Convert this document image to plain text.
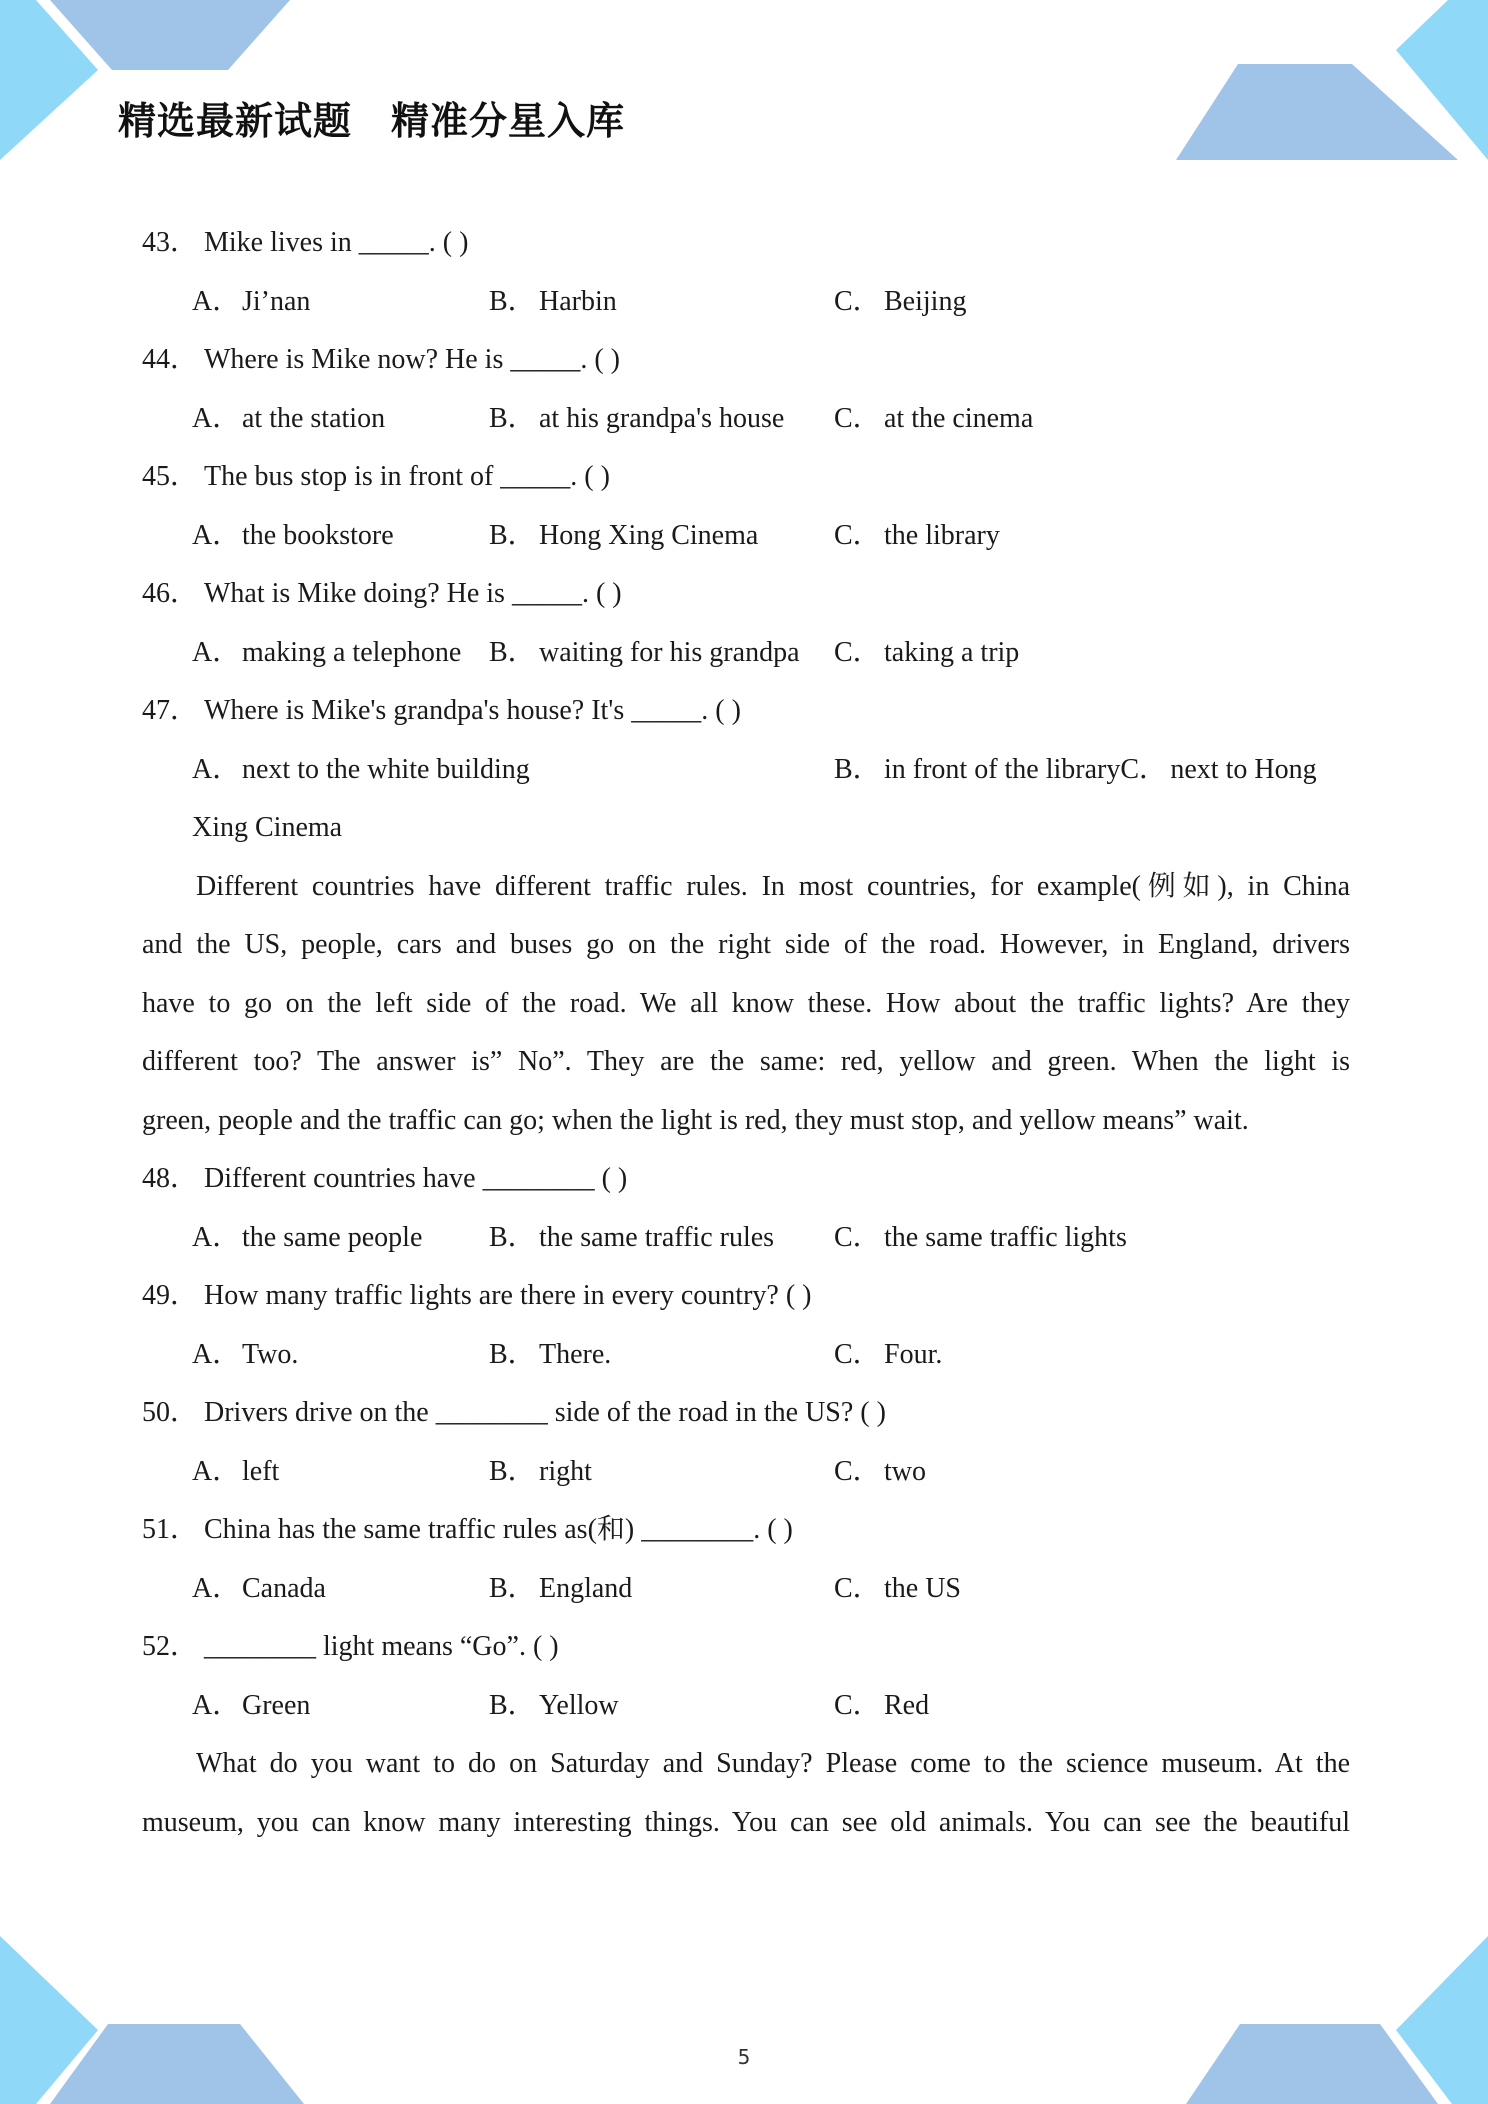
精选最新试题　精准分星入库
43． Mike lives in _____. ( )
A．Ji’nan	B． Harbin	C． Beijing
44． Where is Mike now? He is _____. ( )
A．at the station	B． at his grandpa's house C． at the cinema
45． The bus stop is in front of _____. ( )
A．the bookstore	B． Hong Xing Cinema	C． the library
46． What is Mike doing? He is _____. ( )
A．making a telephone B． waiting for his grandpa C． taking a trip
47． Where is Mike's grandpa's house? It's _____. ( )
A．next to the white building	B． in front of the libraryC． next to Hong
Xing Cinema
Different countries have different traffic rules. In most countries, for example(例如), in China
and the US, people, cars and buses go on the right side of the road. However, in England, drivers
have to go on the left side of the road. We all know these. How about the traffic lights? Are they
different too? The answer is” No”. They are the same: red, yellow and green. When the light is
green, people and the traffic can go; when the light is red, they must stop, and yellow means” wait.
48． Different countries have ________ ( )
A．the same people B． the same traffic rules C． the same traffic lights
49． How many traffic lights are there in every country? ( )
A．Two.	B． There.	C． Four.
50． Drivers drive on the ________ side of the road in the US? ( )
A．left	B． right	C． two
51． China has the same traffic rules as(和) ________. ( )
A．Canada	B． England	C． the US
52． ________ light means “Go”. ( )
A．Green	B． Yellow	C． Red
What do you want to do on Saturday and Sunday? Please come to the science museum. At the
museum, you can know many interesting things. You can see old animals. You can see the beautiful
5
